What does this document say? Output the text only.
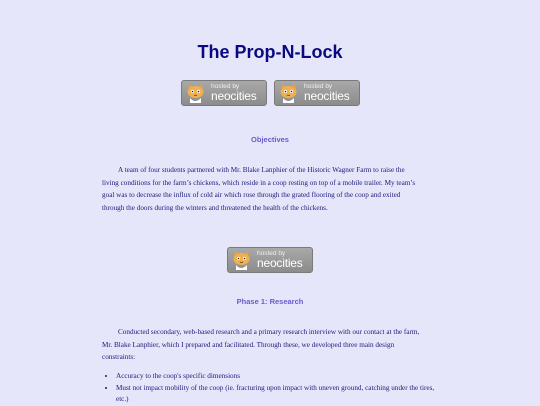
The Prop-N-Lock
hosted by
neocities
hosted by
neocities
Objectives

A team of four students partnered with Mr. Blake Lanphier of the Historic Wagner Farm to raise the living conditions for the farm’s chickens, which reside in a coop resting on top of a mobile trailer. My team’s goal was to decrease the influx of cold air which rose through the grated flooring of the coop and exited through the doors during the winters and threatened the health of the chickens.

hosted by
neocities
Phase 1: Research

Conducted secondary, web-based research and a primary research interview with our contact at the farm, Mr. Blake Lanphier, which I prepared and facilitated. Through these, we developed three main design constraints:

• Accuracy to the coop's specific dimensions
• Must not impact mobility of the coop (ie. fracturing upon impact with uneven ground, catching under the tires, etc.)
